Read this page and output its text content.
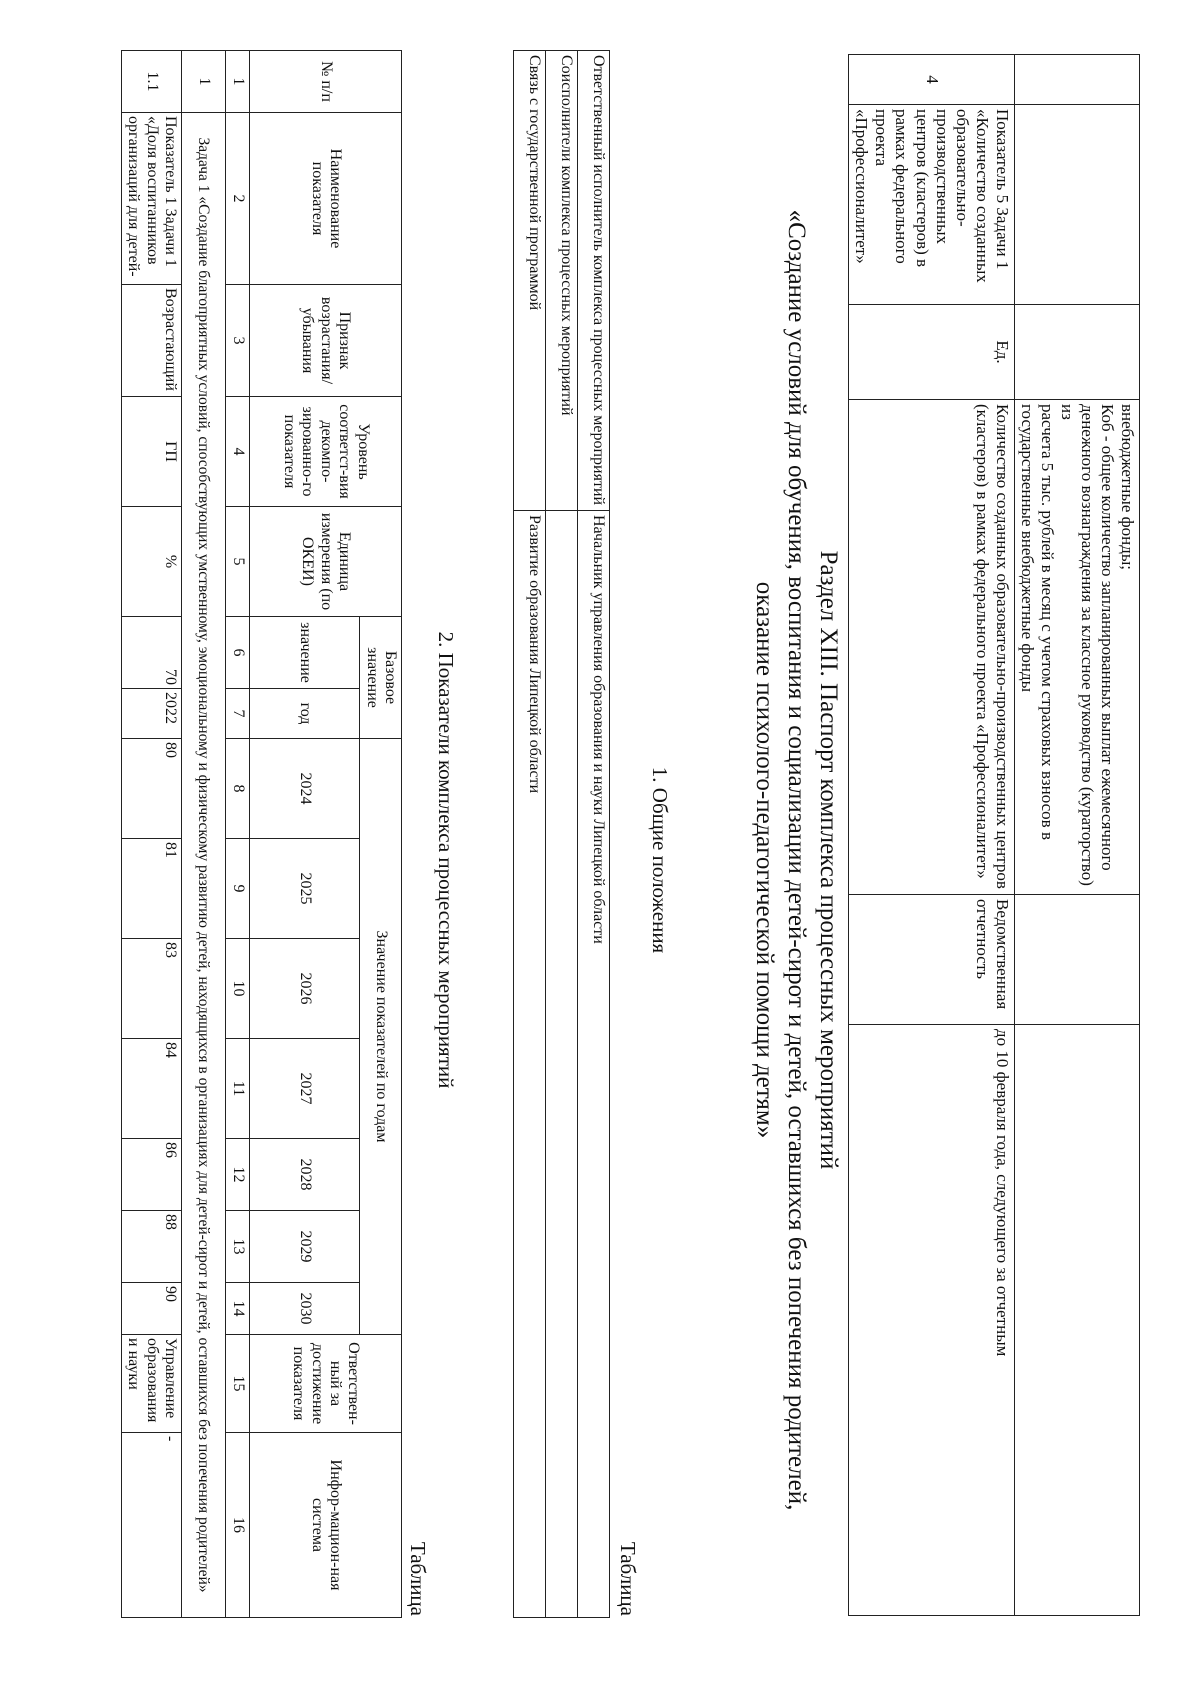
			внебюджетные фонды;
Коб - общее количество запланированных выплат ежемесячного
денежного вознаграждения за классное руководство (кураторство) из
расчета 5 тыс. рублей в месяц с учетом страховых взносов в
государственные внебюджетные фонды		

4	Показатель 5 Задачи 1 «Количество созданных образовательно-производственных центров (кластеров) в рамках федерального проекта «Профессионалитет»	Ед.	Количество созданных образовательно-производственных центров (кластеров) в рамках федерального проекта «Профессионалитет»	Ведомственная отчетность	до 10 февраля года, следующего за отчетным
Раздел XIII. Паспорт комплекса процессных мероприятий
«Создание условий для обучения, воспитания и социализации детей-сирот и детей, оставшихся без попечения родителей,
оказание психолого-педагогической помощи детям»
1. Общие положения
Таблица
Ответственный исполнитель комплекса процессных мероприятий	Начальник управления образования и науки Липецкой области
Соисполнители комплекса процессных мероприятий	
Связь с государственной программой	Развитие образования Липецкой области
2. Показатели комплекса процессных мероприятий
Таблица
№ п/п	Наименование показателя	Признак возрастания/ убывания	Уровень соответст-вия декомпо-зированно-го показателя	Единица измерения (по ОКЕИ)	Базовое значение		Значение показателей по годам							Ответствен-ный за достижение показателя	Инфор-мацион-ная система
					значение	год	2024	2025	2026	2027	2028	2029	2030		
1	2	3	4	5	6	7	8	9	10	11	12	13	14	15	16
1	Задача 1 «Создание благоприятных условий, способствующих умственному, эмоциональному и физическому развитию детей, находящихся в организациях для детей-сирот и детей, оставшихся без попечения родителей»														
1.1	Показатель 1 Задачи 1 «Доля воспитанников организаций для детей-	Возрастающий	ГП	%	70	2022	80	81	83	84	86	88	90	Управление образования и науки	-
